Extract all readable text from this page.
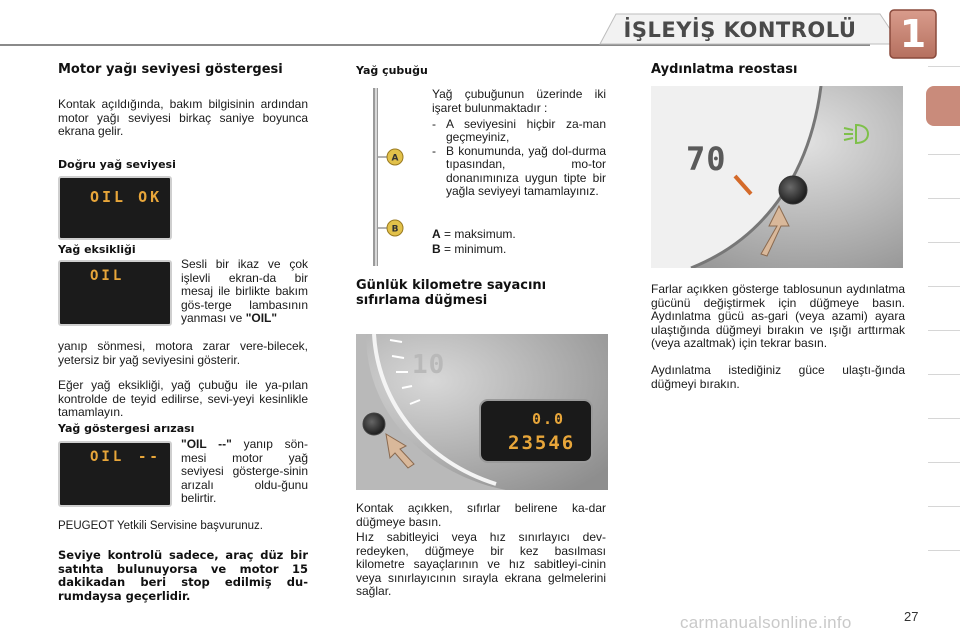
İŞLEYİŞ KONTROLÜ	1
Motor yağı seviyesi göstergesi
Kontak açıldığında, bakım bilgisinin ardından motor yağı seviyesi birkaç saniye boyunca ekrana gelir.
Doğru yağ seviyesi
OIL OK
Yağ eksikliği
OIL
Sesli bir ikaz ve çok işlevli ekran-da bir mesaj ile birlikte bakım gös-terge lambasının yanması ve "OIL"
yanıp sönmesi, motora zarar vere-bilecek, yetersiz bir yağ seviyesini gösterir.
Eğer yağ eksikliği, yağ çubuğu ile ya-pılan kontrolde de teyid edilirse, sevi-yeyi kesinlikle tamamlayın.
Yağ göstergesi arızası
OIL --
"OIL --" yanıp sön-mesi motor yağ seviyesi gösterge-sinin arızalı oldu-ğunu belirtir.
PEUGEOT Yetkili Servisine başvurunuz.
Seviye kontrolü sadece, araç düz bir satıhta bulunuyorsa ve motor 15 dakikadan beri stop edilmiş du-rumdaysa geçerlidir.
Yağ çubuğu
A
B
Yağ çubuğunun üzerinde iki işaret bulunmaktadır :
- A seviyesini hiçbir za-man geçmeyiniz,
- B konumunda, yağ dol-durma tıpasından, mo-tor donanımınıza uygun tipte bir yağla seviyeyi tamamlayınız.
A = maksimum.
B = minimum.
Günlük kilometre sayacını sıfırlama düğmesi
10
0.0
23546
Kontak açıkken, sıfırlar belirene ka-dar düğmeye basın.
Hız sabitleyici veya hız sınırlayıcı dev-redeyken, düğmeye bir kez basılması kilometre sayaçlarının ve hız sabitleyi-cinin veya sınırlayıcının sırayla ekrana gelmelerini sağlar.
Aydınlatma reostası
70
Farlar açıkken gösterge tablosunun aydınlatma gücünü değiştirmek için düğmeye basın. Aydınlatma gücü as-gari (veya azami) ayara ulaştığında düğmeyi bırakın ve ışığı arttırmak (veya azaltmak) için tekrar basın.
Aydınlatma istediğiniz güce ulaştı-ğında düğmeyi bırakın.
carmanualsonline.info	27
